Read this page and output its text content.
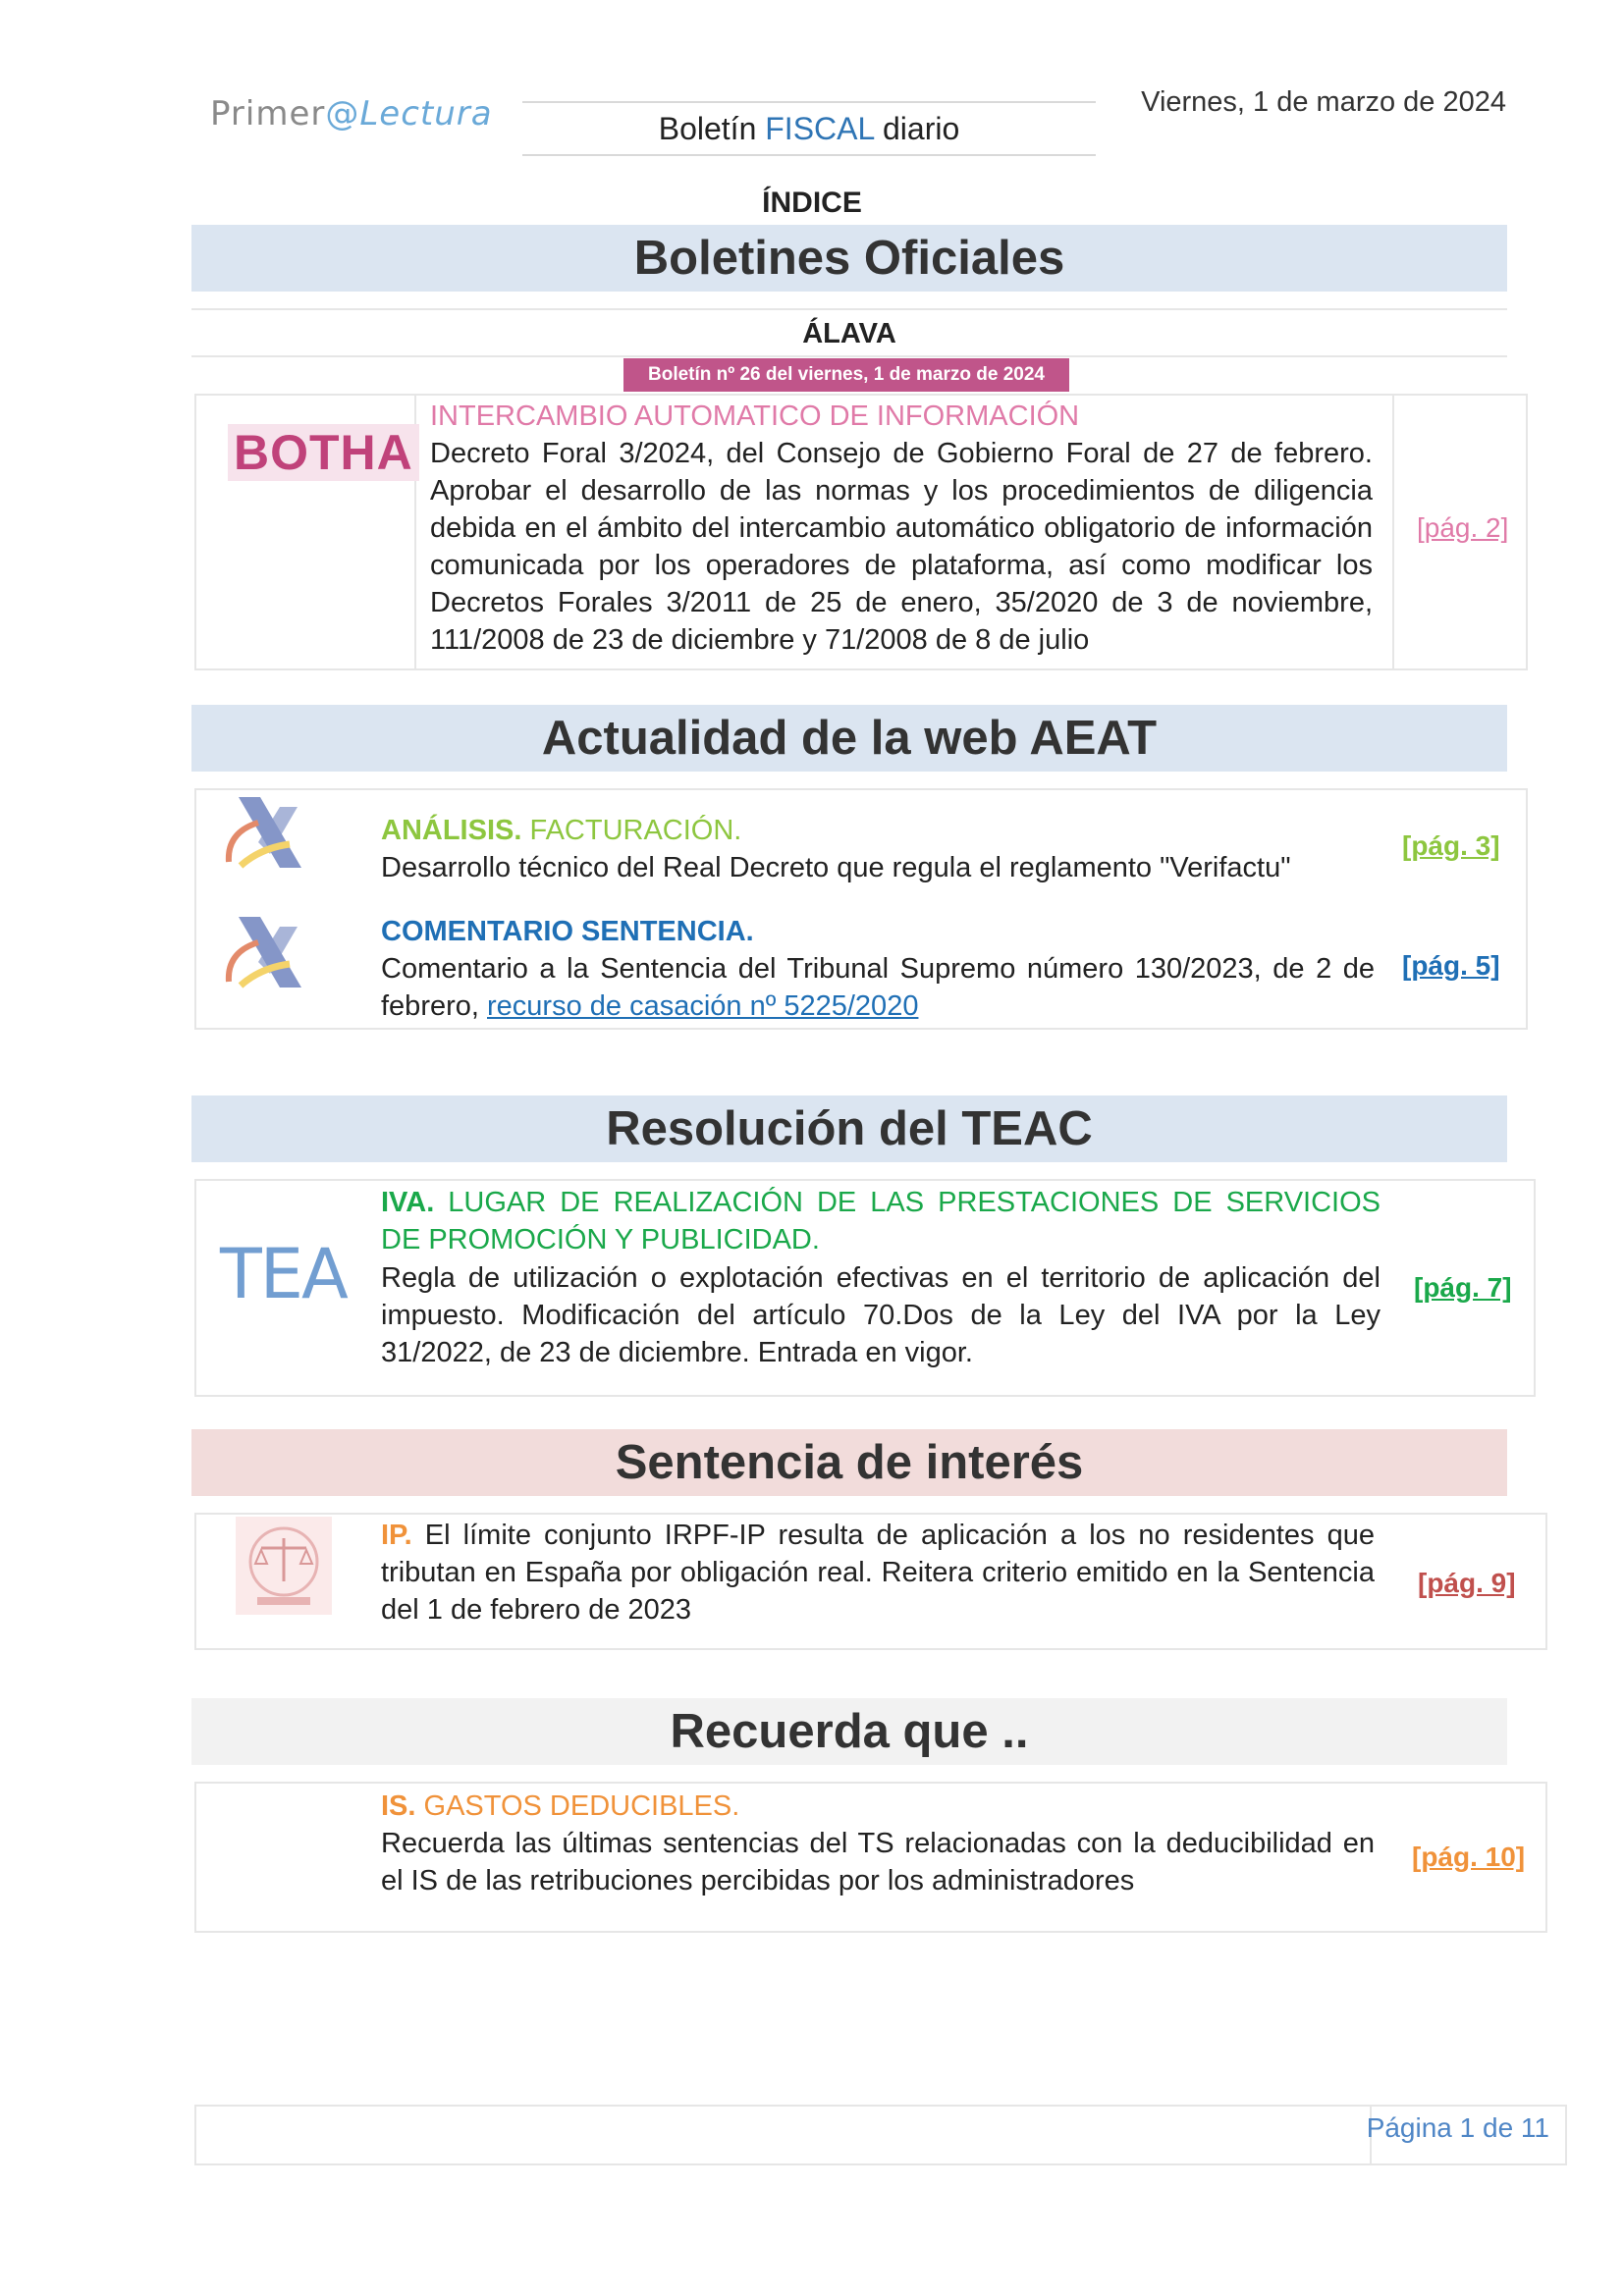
Primer@Lectura	Boletín FISCAL diario
Viernes, 1 de marzo de 2024
ÍNDICE
Boletines Oficiales
ÁLAVA
Boletín nº 26 del viernes, 1 de marzo de 2024
BOTHA
INTERCAMBIO AUTOMATICO DE INFORMACIÓN
Decreto Foral 3/2024, del Consejo de Gobierno Foral de 27 de febrero. Aprobar el desarrollo de las normas y los procedimientos de diligencia debida en el ámbito del intercambio automático obligatorio de información comunicada por los operadores de plataforma, así como modificar los Decretos Forales 3/2011 de 25 de enero, 35/2020 de 3 de noviembre, 111/2008 de 23 de diciembre y 71/2008 de 8 de julio
[pág. 2]
Actualidad de la web AEAT
ANÁLISIS. FACTURACIÓN.
Desarrollo técnico del Real Decreto que regula el reglamento "Verifactu"
[pág. 3]
COMENTARIO SENTENCIA.
Comentario a la Sentencia del Tribunal Supremo número 130/2023, de 2 de febrero, recurso de casación nº 5225/2020
[pág. 5]
Resolución del TEAC
TEA
IVA. LUGAR DE REALIZACIÓN DE LAS PRESTACIONES DE SERVICIOS DE PROMOCIÓN Y PUBLICIDAD.
Regla de utilización o explotación efectivas en el territorio de aplicación del impuesto. Modificación del artículo 70.Dos de la Ley del IVA por la Ley 31/2022, de 23 de diciembre. Entrada en vigor.
[pág. 7]
Sentencia de interés
IP. El límite conjunto IRPF-IP resulta de aplicación a los no residentes que tributan en España por obligación real. Reitera criterio emitido en la Sentencia del 1 de febrero de 2023
[pág. 9]
Recuerda que ..
IS. GASTOS DEDUCIBLES.
Recuerda las últimas sentencias del TS relacionadas con la deducibilidad en el IS de las retribuciones percibidas por los administradores
[pág. 10]
Página 1 de 11
